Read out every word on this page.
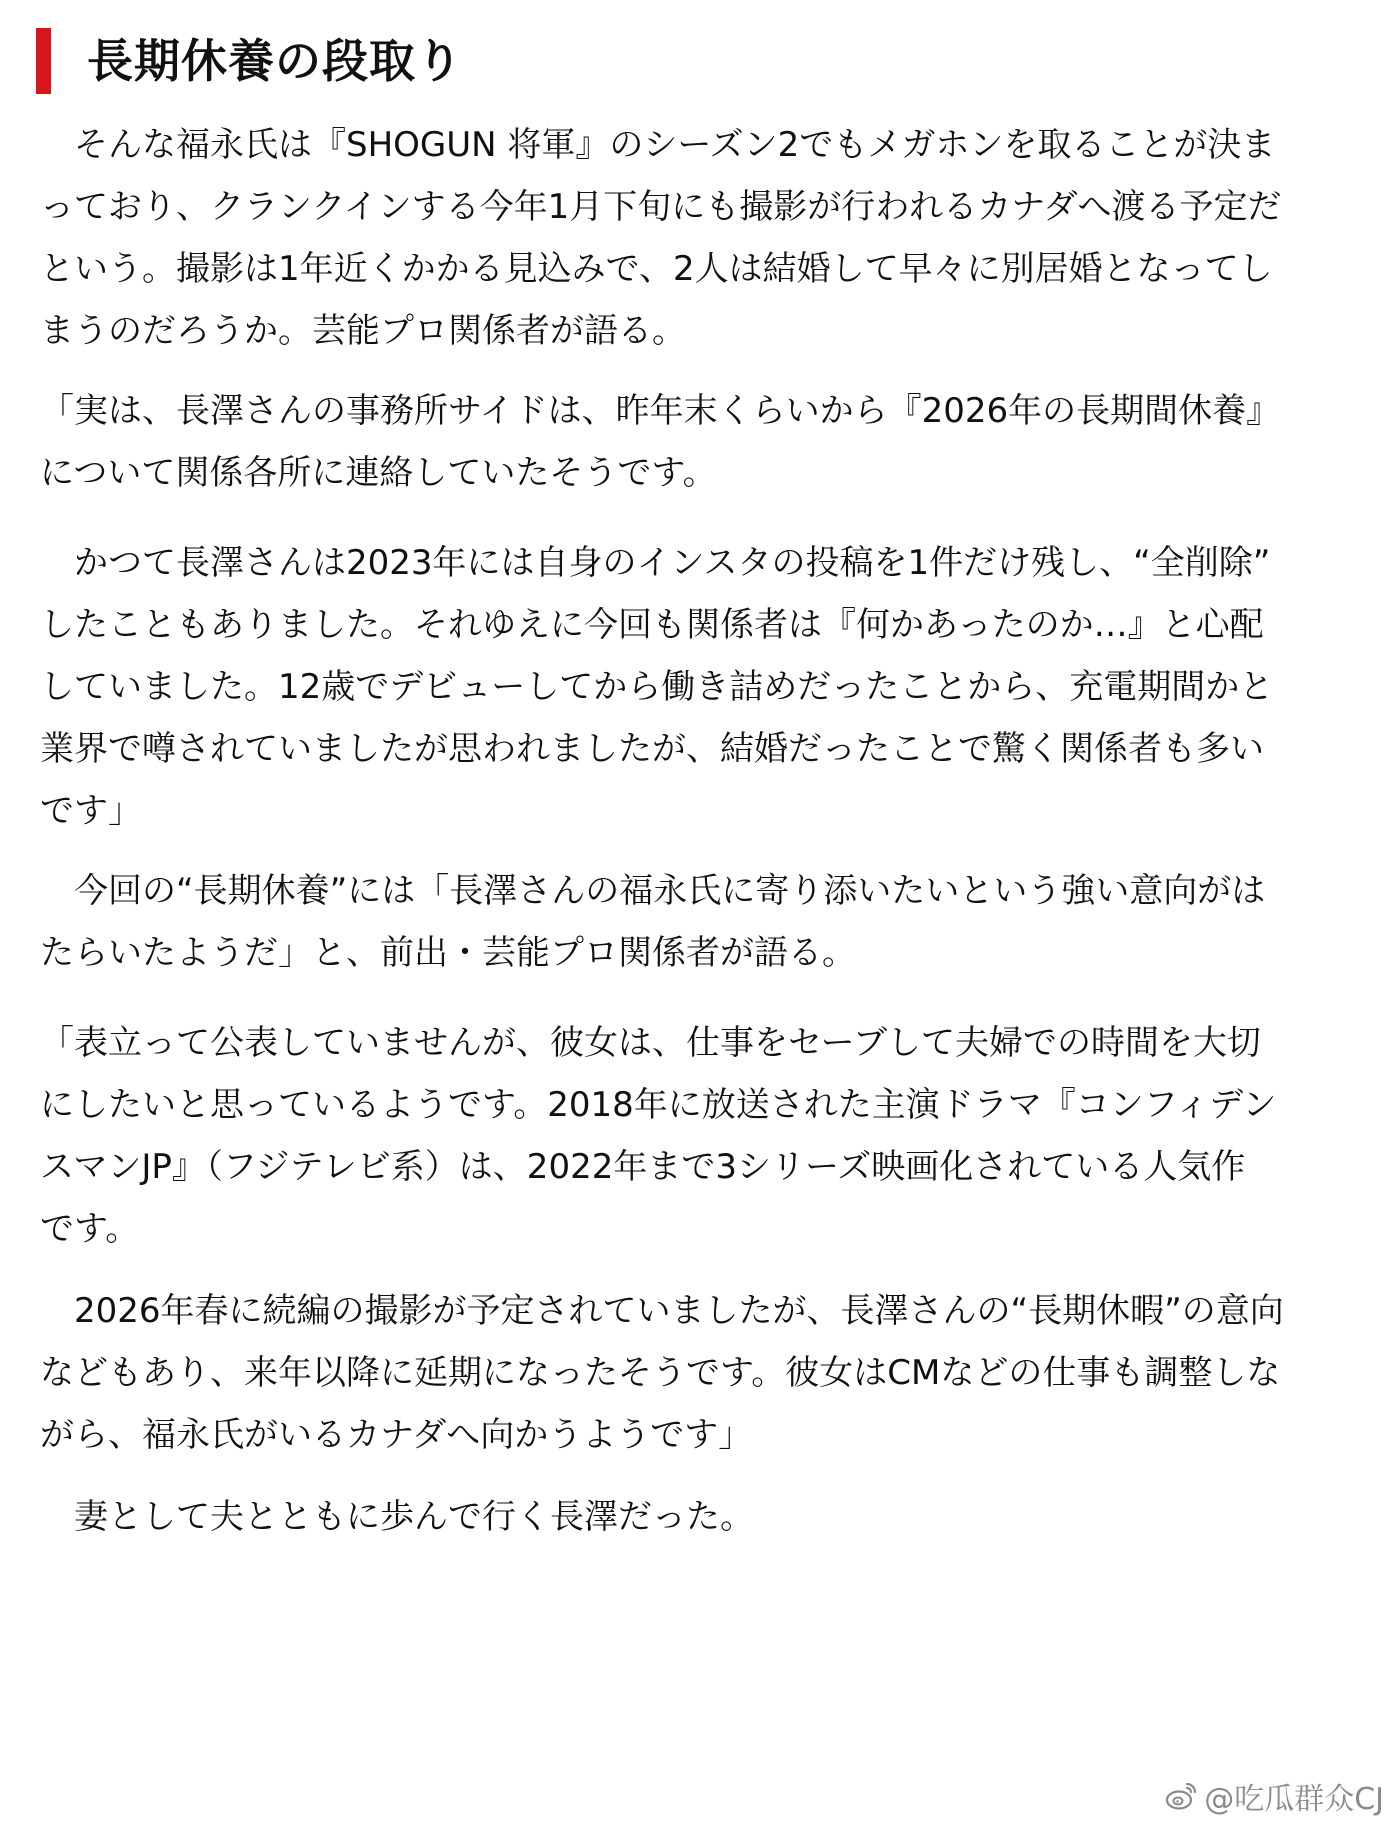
長期休養の段取り

　そんな福永氏は『SHOGUN 将軍』のシーズン2でもメガホンを取ることが決ま
っており、クランクインする今年1月下旬にも撮影が行われるカナダへ渡る予定だ
という。撮影は1年近くかかる見込みで、2人は結婚して早々に別居婚となってし
まうのだろうか。芸能プロ関係者が語る。

「実は、長澤さんの事務所サイドは、昨年末くらいから『2026年の長期間休養』
について関係各所に連絡していたそうです。

　かつて長澤さんは2023年には自身のインスタの投稿を1件だけ残し、“全削除”
したこともありました。それゆえに今回も関係者は『何かあったのか…』と心配
していました。12歳でデビューしてから働き詰めだったことから、充電期間かと
業界で噂されていましたが思われましたが、結婚だったことで驚く関係者も多い
です」

　今回の“長期休養”には「長澤さんの福永氏に寄り添いたいという強い意向がは
たらいたようだ」と、前出・芸能プロ関係者が語る。

「表立って公表していませんが、彼女は、仕事をセーブして夫婦での時間を大切
にしたいと思っているようです。2018年に放送された主演ドラマ『コンフィデン
スマンJP』（フジテレビ系）は、2022年まで3シリーズ映画化されている人気作
です。

　2026年春に続編の撮影が予定されていましたが、長澤さんの“長期休暇”の意向
などもあり、来年以降に延期になったそうです。彼女はCMなどの仕事も調整しな
がら、福永氏がいるカナダへ向かうようです」

　妻として夫とともに歩んで行く長澤だった。

@吃瓜群众CJ
